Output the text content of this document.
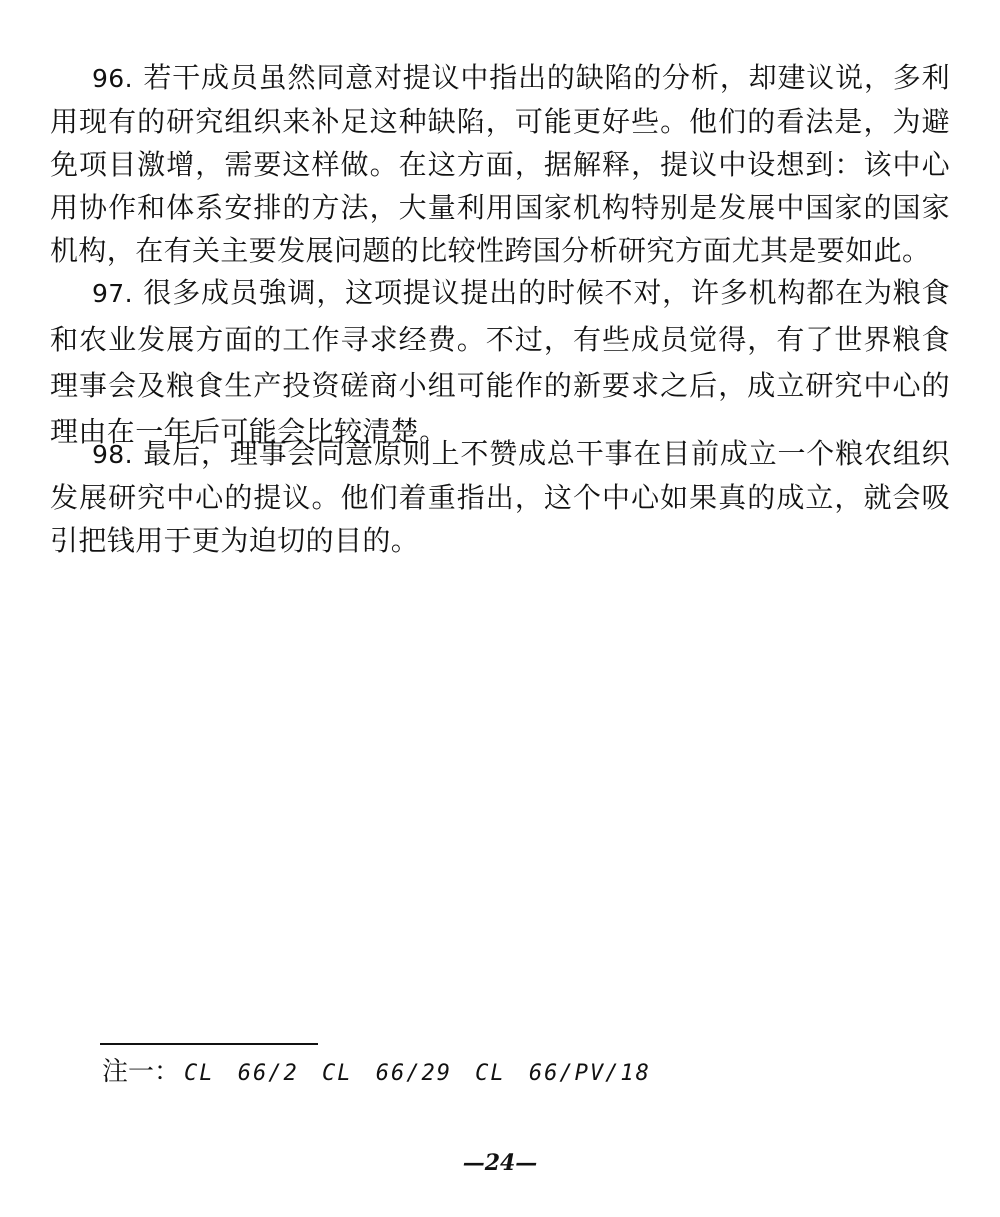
96. 若干成员虽然同意对提议中指出的缺陷的分析，却建议说，多利用现有的研究组织来补足这种缺陷，可能更好些。他们的看法是，为避免项目激增，需要这样做。在这方面，据解释，提议中设想到：该中心用协作和体系安排的方法，大量利用国家机构特别是发展中国家的国家机构，在有关主要发展问题的比较性跨国分析研究方面尤其是要如此。

97. 很多成员強调，这项提议提出的时候不对，许多机构都在为粮食和农业发展方面的工作寻求经费。不过，有些成员觉得，有了世界粮食理事会及粮食生产投资磋商小组可能作的新要求之后，成立研究中心的理由在一年后可能会比较清楚。

98. 最后，理事会同意原则上不赞成总干事在目前成立一个粮农组织发展研究中心的提议。他们着重指出，这个中心如果真的成立，就会吸引把钱用于更为迫切的目的。

注一： CL 66/2 CL 66/29 CL 66/PV/18

—24—
